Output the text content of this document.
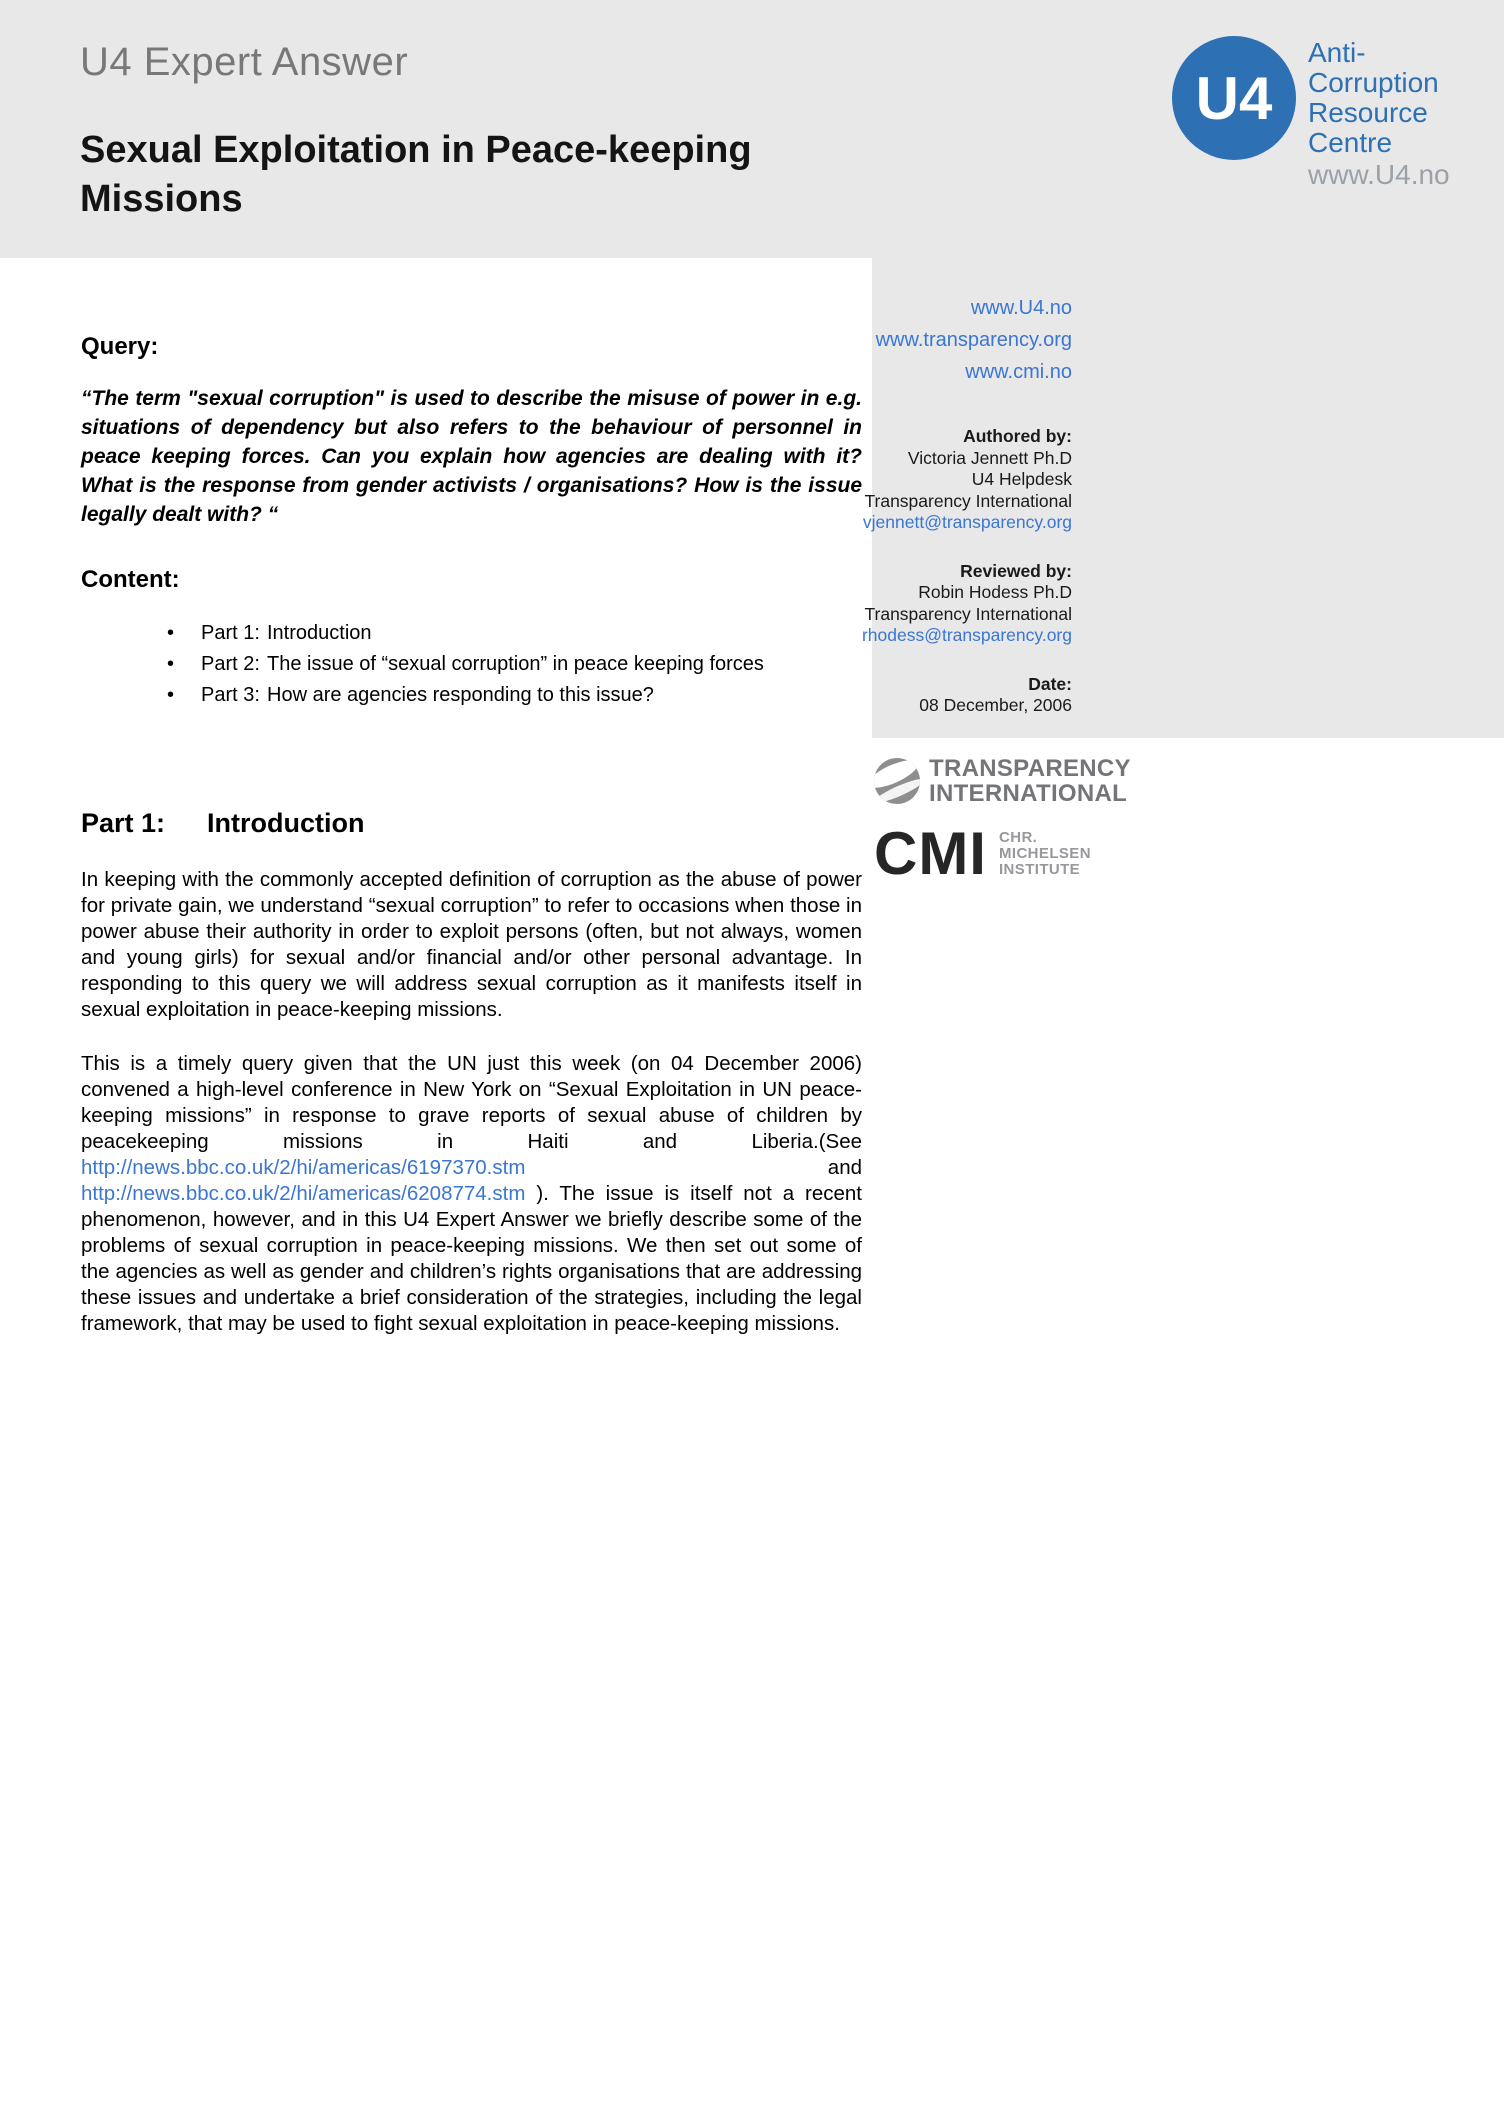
U4 Expert Answer
Sexual Exploitation in Peace-keeping Missions
U4
Anti-
Corruption
Resource
Centre
www.U4.no
www.U4.no
www.transparency.org
www.cmi.no
Authored by:
Victoria Jennett Ph.D
U4 Helpdesk
Transparency International
vjennett@transparency.org
Reviewed by:
Robin Hodess Ph.D
Transparency International
rhodess@transparency.org
Date:
08 December, 2006
TRANSPARENCY
INTERNATIONAL
CMI CHR.
MICHELSEN
INSTITUTE
Query:

“The term "sexual corruption" is used to describe the misuse of power in e.g. situations of dependency but also refers to the behaviour of personnel in peace keeping forces. Can you explain how agencies are dealing with it? What is the response from gender activists / organisations? How is the issue legally dealt with? “

Content:
•
Part 1: Introduction
•
Part 2: The issue of “sexual corruption” in peace keeping forces
•
Part 3: How are agencies responding to this issue?
Part 1: Introduction

In keeping with the commonly accepted definition of corruption as the abuse of power for private gain, we understand “sexual corruption” to refer to occasions when those in power abuse their authority in order to exploit persons (often, but not always, women and young girls) for sexual and/or financial and/or other personal advantage. In responding to this query we will address sexual corruption as it manifests itself in sexual exploitation in peace-keeping missions.

This is a timely query given that the UN just this week (on 04 December 2006) convened a high-level conference in New York on “Sexual Exploitation in UN peace-keeping missions” in response to grave reports of sexual abuse of children by peacekeeping missions in Haiti and Liberia.(See http://news.bbc.co.uk/2/hi/americas/6197370.stm and http://news.bbc.co.uk/2/hi/americas/6208774.stm ). The issue is itself not a recent phenomenon, however, and in this U4 Expert Answer we briefly describe some of the problems of sexual corruption in peace-keeping missions. We then set out some of the agencies as well as gender and children’s rights organisations that are addressing these issues and undertake a brief consideration of the strategies, including the legal framework, that may be used to fight sexual exploitation in peace-keeping missions.
